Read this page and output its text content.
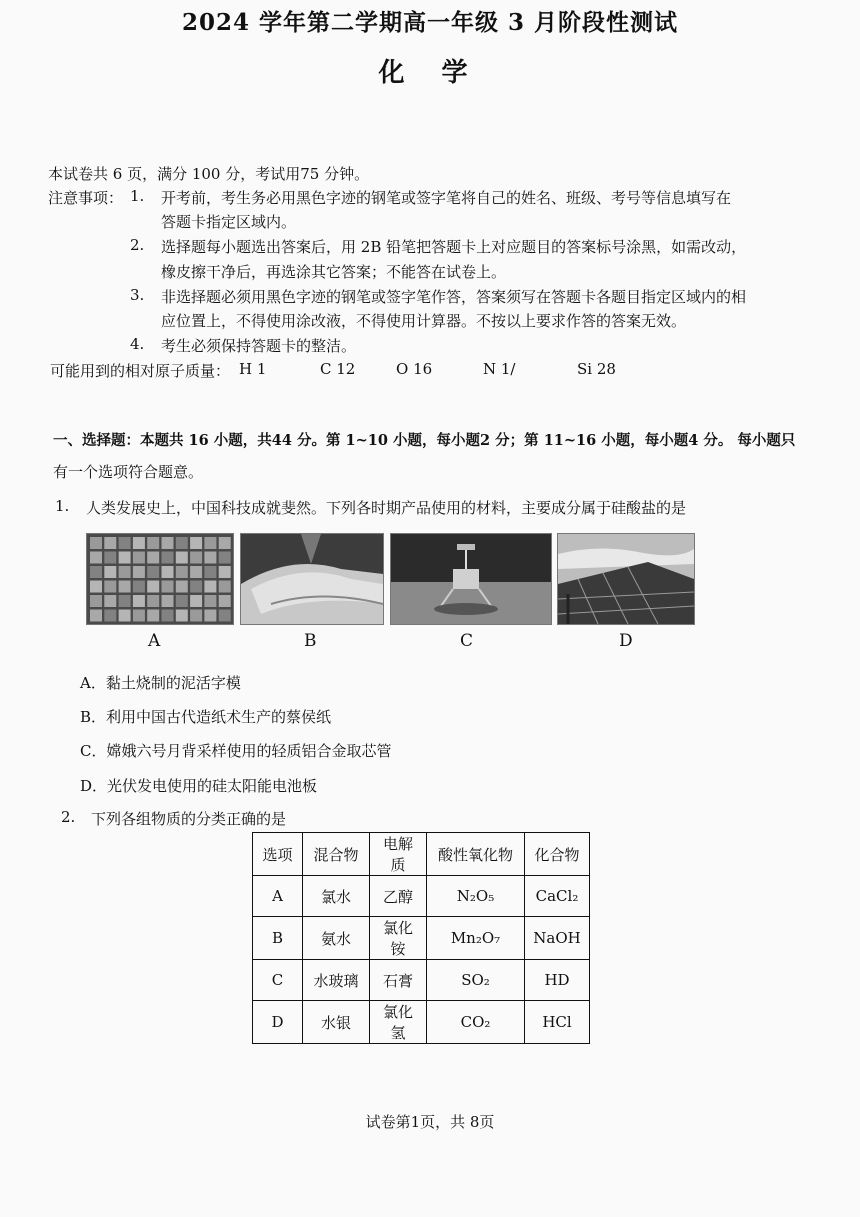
2024 学年第二学期高一年级 3 月阶段性测试
化 学
本试卷共 6 页，满分 100 分，考试用75 分钟。
注意事项： 1. 开考前，考生务必用黑色字迹的钢笔或签字笔将自己的姓名、班级、考号等信息填写在
答题卡指定区域内。
2. 选择题每小题选出答案后，用 2B 铅笔把答题卡上对应题目的答案标号涂黑，如需改动，
橡皮擦干净后，再选涂其它答案；不能答在试卷上。
3. 非选择题必须用黑色字迹的钢笔或签字笔作答，答案须写在答题卡各题目指定区域内的相
应位置上，不得使用涂改液，不得使用计算器。不按以上要求作答的答案无效。
4. 考生必须保持答题卡的整洁。
可能用到的相对原子质量： H 1	C 12	O 16	N 1/	Si 28
一、选择题：本题共 16 小题，共44 分。第 1~10 小题，每小题2 分；第 11~16 小题，每小题4 分。 每小题只
有一个选项符合题意。
1. 人类发展史上，中国科技成就斐然。下列各时期产品使用的材料，主要成分属于硅酸盐的是
A	B	C	D
A．黏土烧制的泥活字模
B．利用中国古代造纸术生产的蔡侯纸
C．嫦娥六号月背采样使用的轻质铝合金取芯管
D．光伏发电使用的硅太阳能电池板
2. 下列各组物质的分类正确的是
选项	混合物	电解质	酸性氧化物	化合物
A	氯水	乙醇	N₂O₅	CaCl₂
B	氨水	氯化铵	Mn₂O₇	NaOH
C	水玻璃	石膏	SO₂	HD
D	水银	氯化氢	CO₂	HCl
试卷第1页，共 8页
